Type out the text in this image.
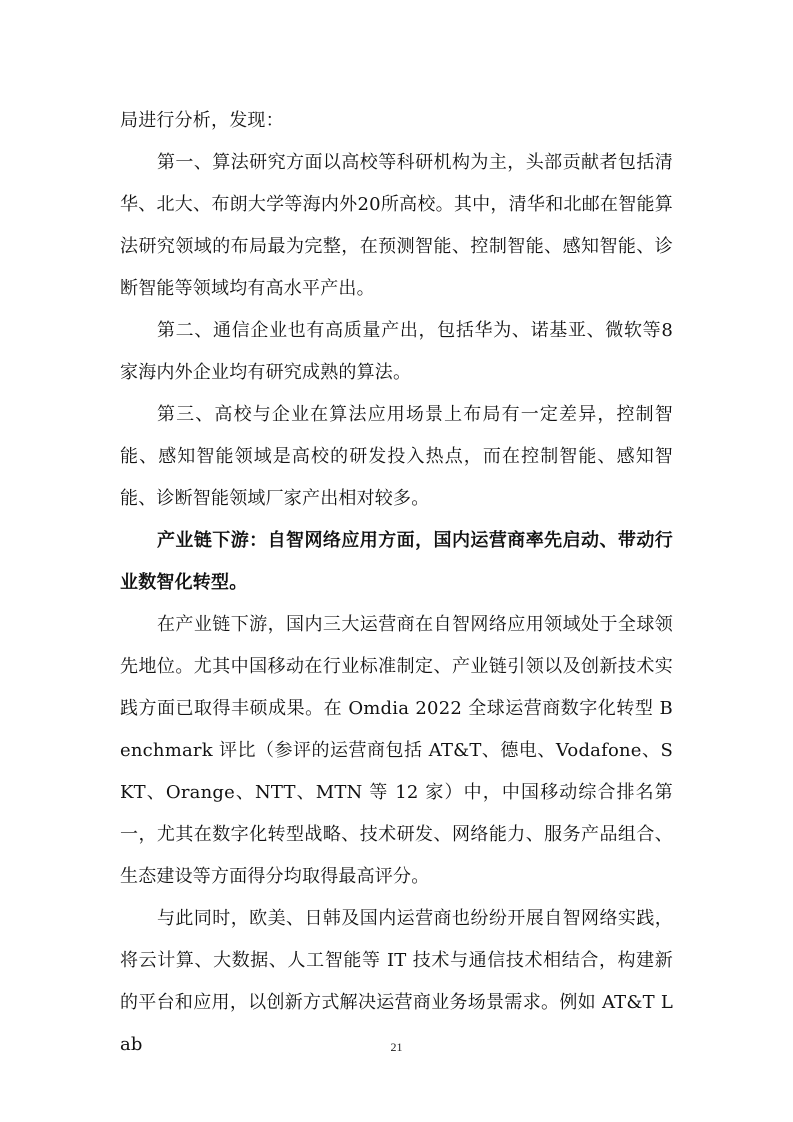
局进行分析，发现：

第一、算法研究方面以高校等科研机构为主，头部贡献者包括清华、北大、布朗大学等海内外20所高校。其中，清华和北邮在智能算法研究领域的布局最为完整，在预测智能、控制智能、感知智能、诊断智能等领域均有高水平产出。

第二、通信企业也有高质量产出，包括华为、诺基亚、微软等8家海内外企业均有研究成熟的算法。

第三、高校与企业在算法应用场景上布局有一定差异，控制智能、感知智能领域是高校的研发投入热点，而在控制智能、感知智能、诊断智能领域厂家产出相对较多。

产业链下游：自智网络应用方面，国内运营商率先启动、带动行业数智化转型。

在产业链下游，国内三大运营商在自智网络应用领域处于全球领先地位。尤其中国移动在行业标准制定、产业链引领以及创新技术实践方面已取得丰硕成果。在 Omdia 2022 全球运营商数字化转型 Benchmark 评比（参评的运营商包括 AT&T、德电、Vodafone、SKT、Orange、NTT、MTN 等 12 家）中，中国移动综合排名第一，尤其在数字化转型战略、技术研发、网络能力、服务产品组合、生态建设等方面得分均取得最高评分。

与此同时，欧美、日韩及国内运营商也纷纷开展自智网络实践，将云计算、大数据、人工智能等 IT 技术与通信技术相结合，构建新的平台和应用，以创新方式解决运营商业务场景需求。例如 AT&T Lab	21
